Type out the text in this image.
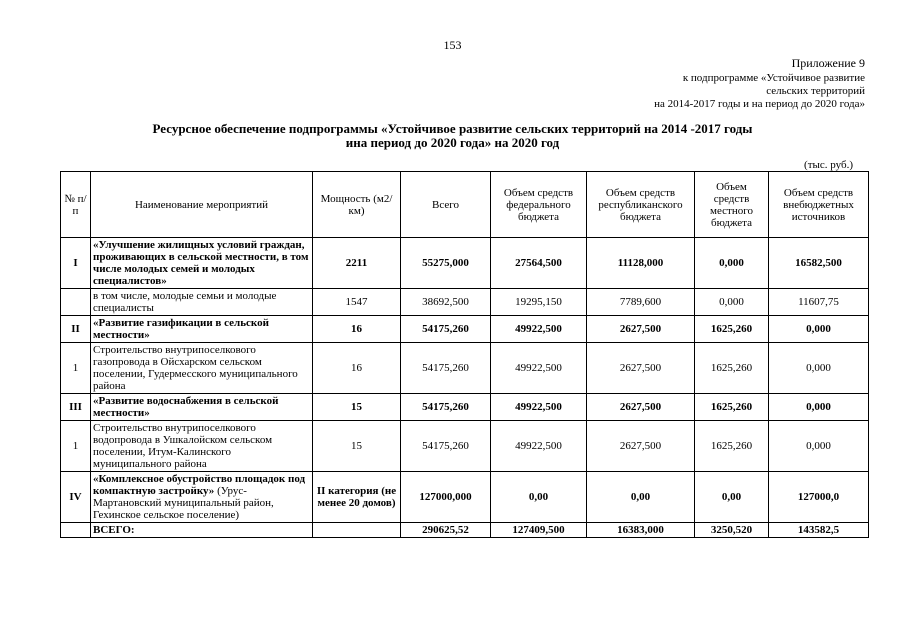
153
Приложение 9
к подпрограмме «Устойчивое развитие
сельских территорий
на 2014-2017 годы и на период до 2020 года»
Ресурсное обеспечение подпрограммы «Устойчивое развитие сельских территорий на 2014 -2017 годы
ина период до 2020 года» на 2020 год
(тыс. руб.)
№ п/п	Наименование мероприятий	Мощность (м2/км)	Всего	Объем средств федерального бюджета	Объем средств республиканского бюджета	Объем средств местного бюджета	Объем средств внебюджетных источников
I	«Улучшение жилищных условий граждан, проживающих в сельской местности, в том числе молодых семей и молодых специалистов»	2211	55275,000	27564,500	11128,000	0,000	16582,500
	в том числе, молодые семьи и молодые специалисты	1547	38692,500	19295,150	7789,600	0,000	11607,75
II	«Развитие газификации в сельской местности»	16	54175,260	49922,500	2627,500	1625,260	0,000
1	Строительство внутрипоселкового газопровода в Ойсхарском сельском поселении, Гудермесского муниципального района	16	54175,260	49922,500	2627,500	1625,260	0,000
III	«Развитие водоснабжения в сельской местности»	15	54175,260	49922,500	2627,500	1625,260	0,000
1	Строительство внутрипоселкового водопровода в Ушкалойском сельском поселении, Итум-Калинского муниципального района	15	54175,260	49922,500	2627,500	1625,260	0,000
IV	«Комплексное обустройство площадок под компактную застройку» (Урус-Мартановский муниципальный район, Гехинское сельское поселение)	II категория (не менее 20 домов)	127000,000	0,00	0,00	0,00	127000,0
	ВСЕГО:		290625,52	127409,500	16383,000	3250,520	143582,5
